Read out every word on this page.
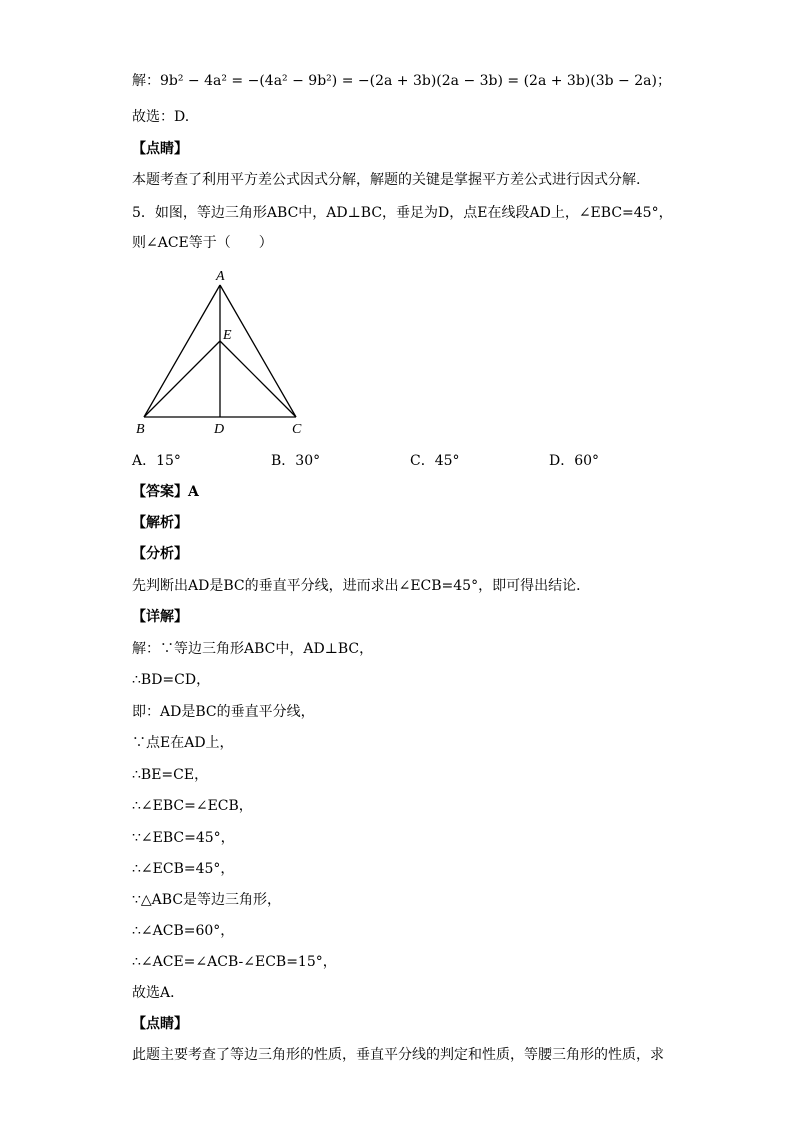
解：9b² − 4a² = −(4a² − 9b²) = −(2a + 3b)(2a − 3b) = (2a + 3b)(3b − 2a)；
故选：D.
【点睛】
本题考查了利用平方差公式因式分解，解题的关键是掌握平方差公式进行因式分解.
5．如图，等边三角形ABC中，AD⊥BC，垂足为D，点E在线段AD上，∠EBC=45°，
则∠ACE等于（　　）
A
E
B	D	C
A．15°	B．30°	C．45°	D．60°
【答案】A
【解析】
【分析】
先判断出AD是BC的垂直平分线，进而求出∠ECB=45°，即可得出结论．
【详解】
解：∵等边三角形ABC中，AD⊥BC，
∴BD=CD，
即：AD是BC的垂直平分线，
∵点E在AD上，
∴BE=CE，
∴∠EBC=∠ECB，
∵∠EBC=45°，
∴∠ECB=45°，
∵△ABC是等边三角形，
∴∠ACB=60°，
∴∠ACE=∠ACB-∠ECB=15°，
故选A．
【点睛】
此题主要考查了等边三角形的性质，垂直平分线的判定和性质，等腰三角形的性质，求
